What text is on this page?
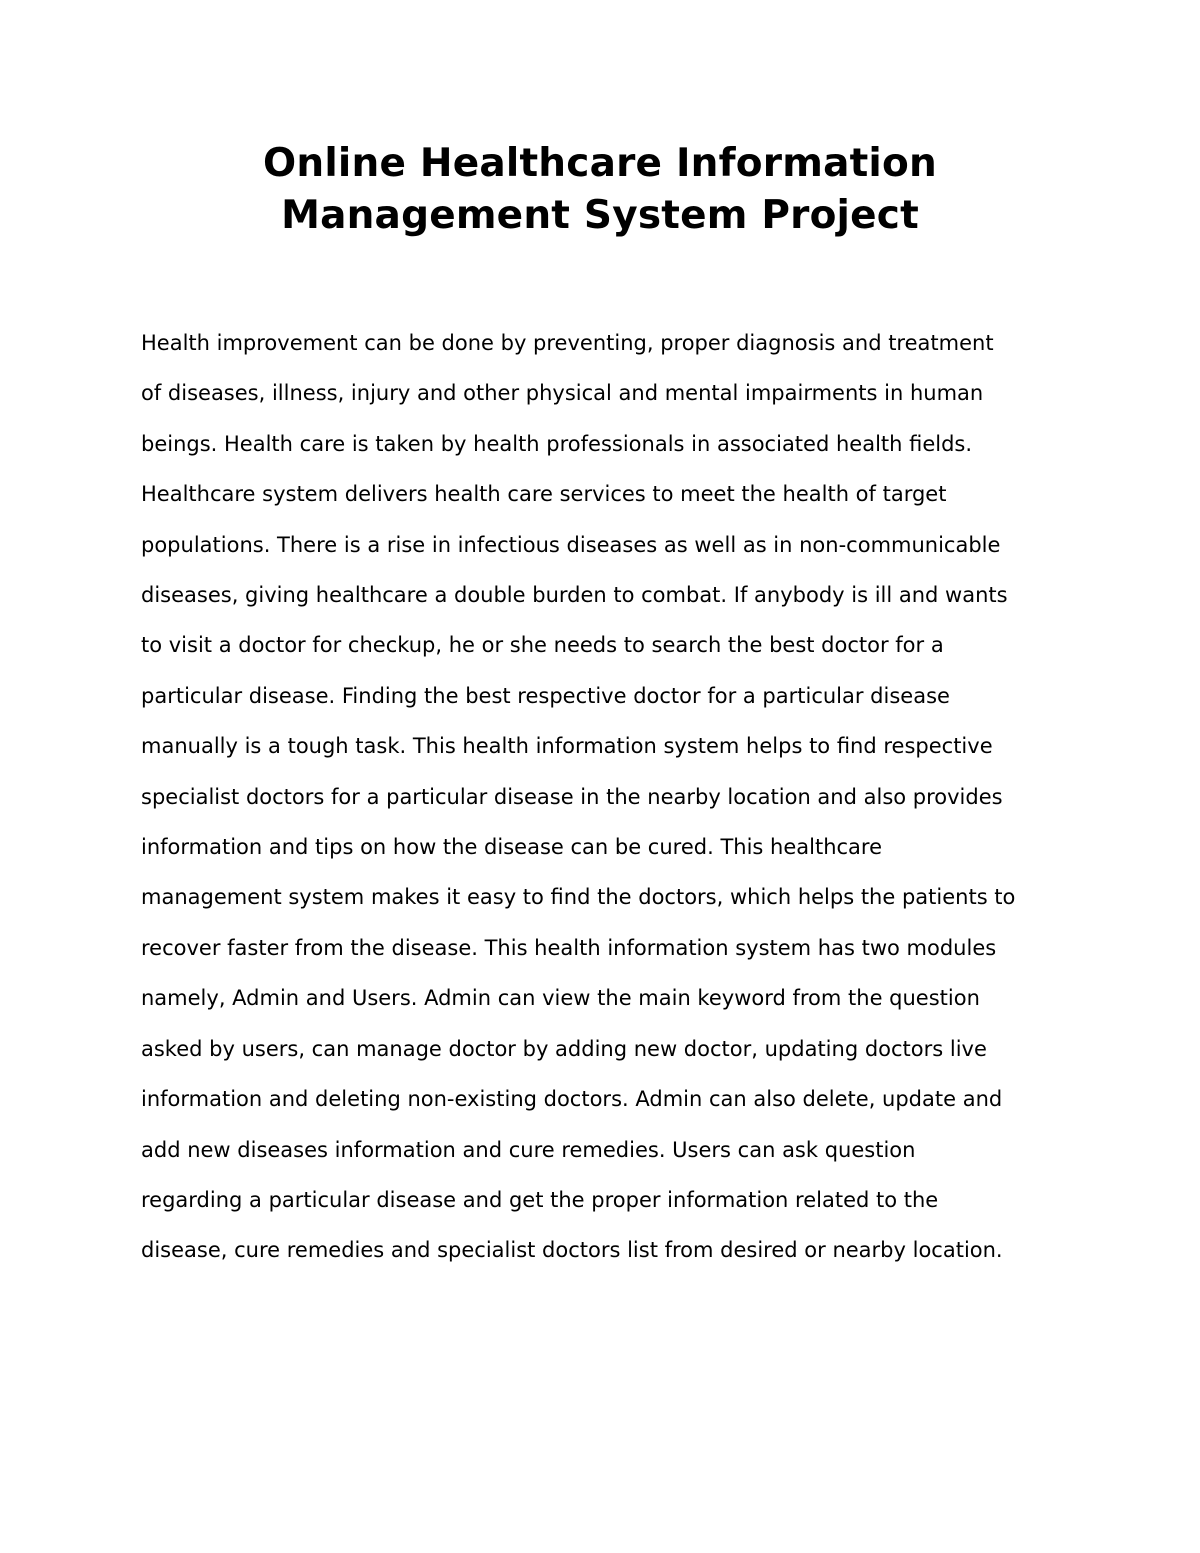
Online Healthcare Information
Management System Project
Health improvement can be done by preventing, proper diagnosis and treatment
of diseases, illness, injury and other physical and mental impairments in human
beings. Health care is taken by health professionals in associated health fields.
Healthcare system delivers health care services to meet the health of target
populations. There is a rise in infectious diseases as well as in non-communicable
diseases, giving healthcare a double burden to combat. If anybody is ill and wants
to visit a doctor for checkup, he or she needs to search the best doctor for a
particular disease. Finding the best respective doctor for a particular disease
manually is a tough task. This health information system helps to find respective
specialist doctors for a particular disease in the nearby location and also provides
information and tips on how the disease can be cured. This healthcare
management system makes it easy to find the doctors, which helps the patients to
recover faster from the disease. This health information system has two modules
namely, Admin and Users. Admin can view the main keyword from the question
asked by users, can manage doctor by adding new doctor, updating doctors live
information and deleting non-existing doctors. Admin can also delete, update and
add new diseases information and cure remedies. Users can ask question
regarding a particular disease and get the proper information related to the
disease, cure remedies and specialist doctors list from desired or nearby location.
